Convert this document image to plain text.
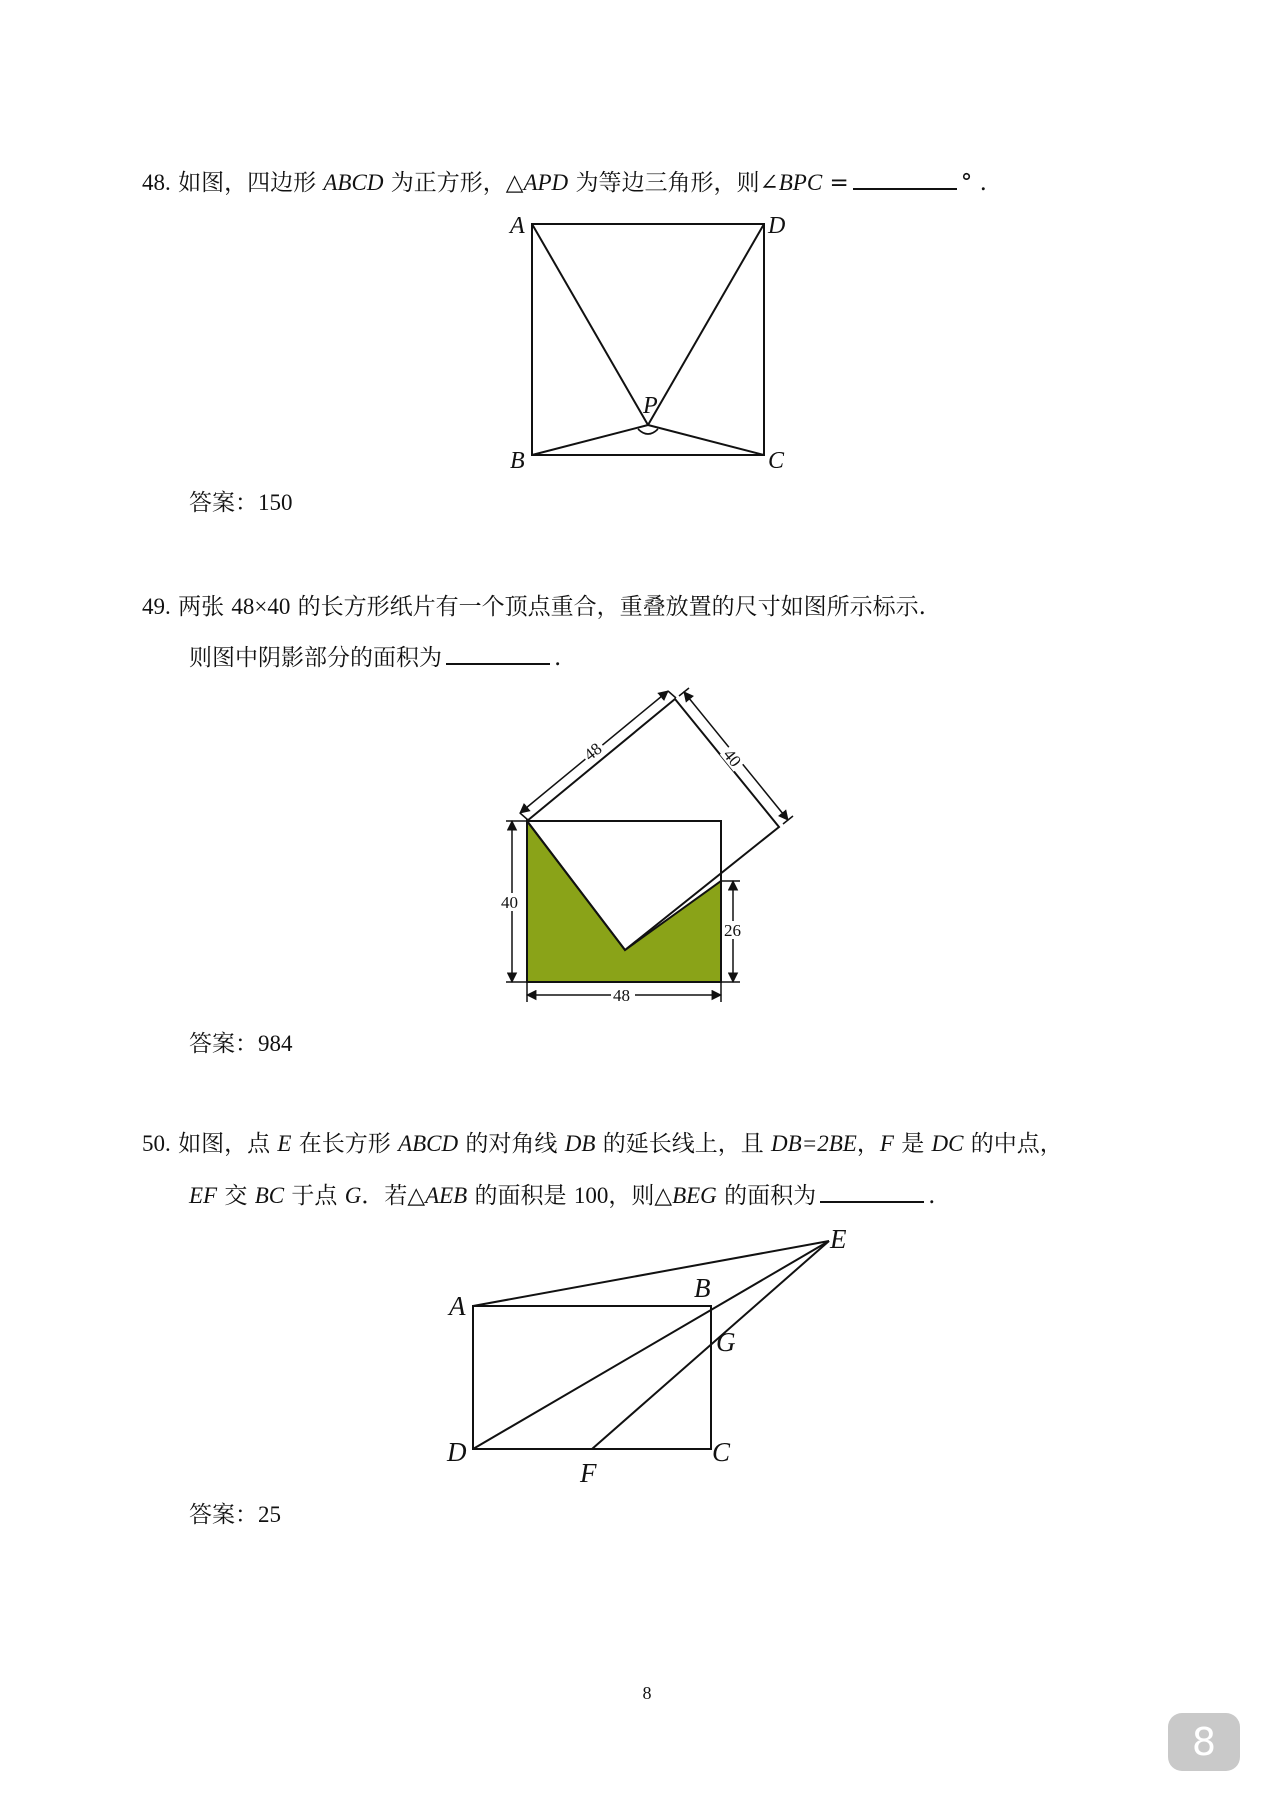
48. 如图，四边形 ABCD 为正方形，△APD 为等边三角形，则∠BPC =	° .
A	D
P
B	C
答案：150
49. 两张 48×40 的长方形纸片有一个顶点重合，重叠放置的尺寸如图所示标示.
则图中阴影部分的面积为	.
48	40
40
26
48
答案：984
50. 如图，点 E 在长方形 ABCD 的对角线 DB 的延长线上，且 DB=2BE，F 是 DC 的中点，
EF 交 BC 于点 G．若△AEB 的面积是 100，则△BEG 的面积为	.
E
A
B
G
D	C
F
答案：25
8
8
